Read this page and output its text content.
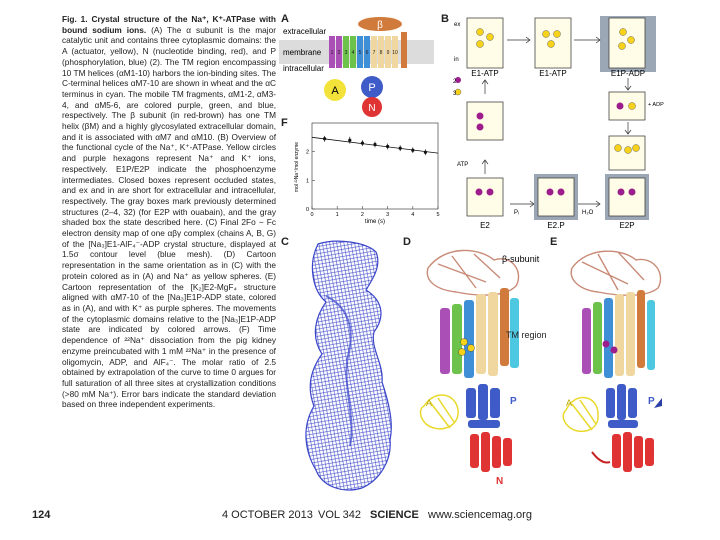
Fig. 1. Crystal structure of the Na⁺, K⁺-ATPase with bound sodium ions. (A) The α subunit is the major catalytic unit and contains three cytoplasmic domains: the A (actuator, yellow), N (nucleotide binding, red), and P (phosphorylation, blue) (2). The TM region encompassing 10 TM helices (αM1-10) harbors the ion-binding sites. The C-terminal helices αM7-10 are shown in wheat and the αC terminus in cyan. The mobile TM fragments, αM1-2, αM3-4, and αM5-6, are colored purple, green, and blue, respectively. The β subunit (in red-brown) has one TM helix (βM) and a highly glycosylated extracellular domain, and it is associated with αM7 and αM10. (B) Overview of the functional cycle of the Na⁺, K⁺-ATPase. Yellow circles and purple hexagons represent Na⁺ and K⁺ ions, respectively. E1P/E2P indicate the phosphoenzyme intermediates. Closed boxes represent occluded states, and ex and in are short for extracellular and intracellular, respectively. The gray boxes mark previously determined structures (2–4, 32) (for E2P with ouabain), and the gray shaded box the state described here. (C) Final 2Fo − Fc electron density map of one αβγ complex (chains A, B, G) of the [Na₃]E1-AlF₄⁻-ADP crystal structure, displayed at 1.5σ contour level (blue mesh). (D) Cartoon representation in the same orientation as in (C) with the protein colored as in (A) and Na⁺ as yellow spheres. (E) Cartoon representation of the [K₂]E2-MgF₄ structure aligned with αM7-10 of the [Na₃]E1P-ADP state, colored as in (A), and with K⁺ as purple spheres. The movements of the cytoplasmic domains relative to the [Na₃]E1P-ADP state are indicated by colored arrows. (F) Time dependence of ²²Na⁺ dissociation from the pig kidney enzyme preincubated with 1 mM ²²Na⁺ in the presence of oligomycin, ADP, and AlF₄⁻. The molar ratio of 2.5 obtained by extrapolation of the curve to time 0 argues for full saturation of all three sites at crystallization conditions (>80 mM Na⁺). Error bars indicate the standard deviation based on three independent experiments.
A	B
C	D	E
F
β
extracellular
membrane
intracellular
1 2 3 4 5 6 7 8 9 10
A	P
N
0	1	2	3	4	5
0
1
2
time (s)
mol ²²Na⁺/mol enzyme
ex
in
E1-ATP	E1-ATP	E1P-ADP
2
3
+ ADP
ATP
E2	E2.P	E2P
Pᵢ	H₂O
β-subunit
TM region
A	P
N
A	P
124	4 OCTOBER 2013 VOL 342 SCIENCE www.sciencemag.org
